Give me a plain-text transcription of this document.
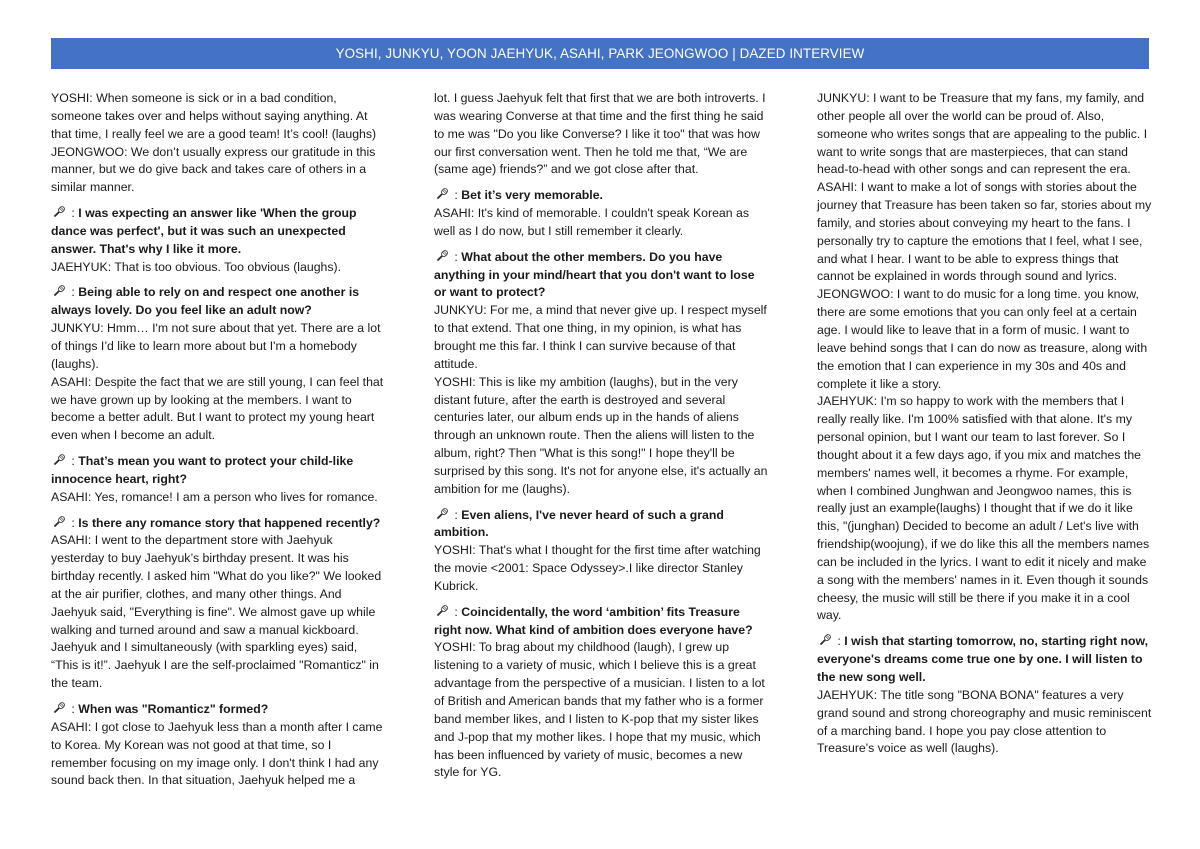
YOSHI, JUNKYU, YOON JAEHYUK, ASAHI, PARK JEONGWOO | DAZED INTERVIEW

YOSHI: When someone is sick or in a bad condition, someone takes over and helps without saying anything. At that time, I really feel we are a good team! It’s cool! (laughs)

JEONGWOO: We don’t usually express our gratitude in this manner, but we do give back and takes care of others in a similar manner.

: I was expecting an answer like 'When the group dance was perfect', but it was such an unexpected answer. That's why I like it more.

JAEHYUK: That is too obvious. Too obvious (laughs).

: Being able to rely on and respect one another is always lovely. Do you feel like an adult now?

JUNKYU: Hmm… I'm not sure about that yet. There are a lot of things I’d like to learn more about but I'm a homebody (laughs).

ASAHI: Despite the fact that we are still young, I can feel that we have grown up by looking at the members. I want to become a better adult. But I want to protect my young heart even when I become an adult.

: That’s mean you want to protect your child-like innocence heart, right?

ASAHI: Yes, romance! I am a person who lives for romance.

: Is there any romance story that happened recently?

ASAHI: I went to the department store with Jaehyuk yesterday to buy Jaehyuk’s birthday present. It was his birthday recently. I asked him "What do you like?" We looked at the air purifier, clothes, and many other things. And Jaehyuk said, "Everything is fine". We almost gave up while walking and turned around and saw a manual kickboard. Jaehyuk and I simultaneously (with sparkling eyes) said, “This is it!”. Jaehyuk I are the self-proclaimed "Romanticz" in the team.

: When was "Romanticz" formed?

ASAHI: I got close to Jaehyuk less than a month after I came to Korea. My Korean was not good at that time, so I remember focusing on my image only. I don't think I had any sound back then. In that situation, Jaehyuk helped me a

lot. I guess Jaehyuk felt that first that we are both introverts. I was wearing Converse at that time and the first thing he said to me was "Do you like Converse? I like it too" that was how our first conversation went. Then he told me that, “We are (same age) friends?” and we got close after that.

: Bet it’s very memorable.

ASAHI: It's kind of memorable. I couldn't speak Korean as well as I do now, but I still remember it clearly.

: What about the other members. Do you have anything in your mind/heart that you don't want to lose or want to protect?

JUNKYU: For me, a mind that never give up. I respect myself to that extend. That one thing, in my opinion, is what has brought me this far. I think I can survive because of that attitude.

YOSHI: This is like my ambition (laughs), but in the very distant future, after the earth is destroyed and several centuries later, our album ends up in the hands of aliens through an unknown route. Then the aliens will listen to the album, right? Then "What is this song!" I hope they'll be surprised by this song. It's not for anyone else, it's actually an ambition for me (laughs).

: Even aliens, I've never heard of such a grand ambition.

YOSHI: That's what I thought for the first time after watching the movie <2001: Space Odyssey>.I like director Stanley Kubrick.

: Coincidentally, the word ‘ambition’ fits Treasure right now. What kind of ambition does everyone have?

YOSHI: To brag about my childhood (laugh), I grew up listening to a variety of music, which I believe this is a great advantage from the perspective of a musician. I listen to a lot of British and American bands that my father who is a former band member likes, and I listen to K-pop that my sister likes and J-pop that my mother likes. I hope that my music, which has been influenced by variety of music, becomes a new style for YG.

JUNKYU: I want to be Treasure that my fans, my family, and other people all over the world can be proud of. Also, someone who writes songs that are appealing to the public. I want to write songs that are masterpieces, that can stand head-to-head with other songs and can represent the era.

ASAHI: I want to make a lot of songs with stories about the journey that Treasure has been taken so far, stories about my family, and stories about conveying my heart to the fans. I personally try to capture the emotions that I feel, what I see, and what I hear. I want to be able to express things that cannot be explained in words through sound and lyrics.

JEONGWOO: I want to do music for a long time. you know, there are some emotions that you can only feel at a certain age. I would like to leave that in a form of music. I want to leave behind songs that I can do now as treasure, along with the emotion that I can experience in my 30s and 40s and complete it like a story.

JAEHYUK: I'm so happy to work with the members that I really really like. I'm 100% satisfied with that alone. It's my personal opinion, but I want our team to last forever. So I thought about it a few days ago, if you mix and matches the members' names well, it becomes a rhyme. For example, when I combined Junghwan and Jeongwoo names, this is really just an example(laughs) I thought that if we do it like this, "(junghan) Decided to become an adult / Let's live with friendship(woojung), if we do like this all the members names can be included in the lyrics. I want to edit it nicely and make a song with the members' names in it. Even though it sounds cheesy, the music will still be there if you make it in a cool way.

: I wish that starting tomorrow, no, starting right now, everyone's dreams come true one by one. I will listen to the new song well.

JAEHYUK: The title song "BONA BONA" features a very grand sound and strong choreography and music reminiscent of a marching band. I hope you pay close attention to Treasure's voice as well (laughs).
